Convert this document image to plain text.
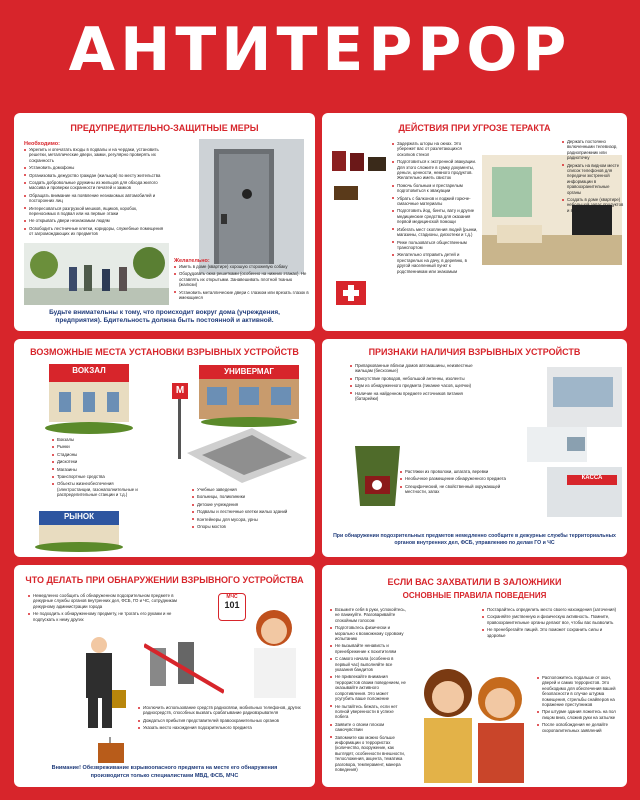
АНТИТЕРРОР
ПРЕДУПРЕДИТЕЛЬНО-ЗАЩИТНЫЕ МЕРЫ
Необходимо:
Укрепить и опечатать входы в подвалы и на чердаки, установить решетки, металлические двери, замки, регулярно проверять их сохранность
Установить домофоны
Организовать дежурство граждан (жильцов) по месту жительства
Создать добровольные дружины из жильцов для обхода жилого массива и проверки сохранности печатей и замков
Обращать внимание на появление незнакомых автомобилей и посторонних лиц
Интересоваться разгрузкой мешков, ящиков, коробок, переносимых в подвал или на первые этажи
Не открывать двери незнакомым людям
Освободить лестничные клетки, коридоры, служебные помещения от загромождающих их предметов
Желательно:
Иметь в доме (квартире) хорошую сторожевую собаку
Оборудовать окна решетками (особенно на нижних этажах). Не оставлять их открытыми. Занавешивать плотной тканью (жалюзи)
Установить металлические двери с глазком или врезать глазок в имеющиеся
Будьте внимательны к тому, что происходит вокруг дома (учреждения, предприятия). Бдительность должна быть постоянной и активной.
ДЕЙСТВИЯ ПРИ УГРОЗЕ ТЕРАКТА
Задержать шторы на окнах. Это убережет вас от разлетающихся осколков стекол
Подготовиться к экстренной эвакуации. Для этого сложите в сумку документы, деньги, ценности, немного продуктов. Желательно иметь свисток
Помочь больным и престарелым подготовиться к эвакуации
Убрать с балконов и лоджий горюче-смазочные материалы
Подготовить йод, бинты, вату и другие медицинские средства для оказания первой медицинской помощи
Избегать мест скопления людей (рынки, магазины, стадионы, дискотеки и т.д.)
Реже пользоваться общественным транспортом
Желательно отправить детей и престарелых на дачу, в деревню, в другой населенный пункт к родственникам или знакомым
Держать постоянно включенными телевизор, радиоприемник или радиоточку
Держать на видном месте список телефонов для передачи экстренной информации в правоохранительные органы
Создать в доме (квартире) небольшой запас продуктов и воды
ВОЗМОЖНЫЕ МЕСТА УСТАНОВКИ ВЗРЫВНЫХ УСТРОЙСТВ
ВОКЗАЛ	УНИВЕРМАГ
М
Вокзалы
Рынки
Стадионы
Дискотеки
Магазины
Транспортные средства
Объекты жизнеобеспечения (электростанции, газонаполнительные и распределительные станции и т.д.)
РЫНОК
Учебные заведения
Больницы, поликлиники
Детские учреждения
Подвалы и лестничные клетки жилых зданий
Контейнеры для мусора, урны
Опоры мостов
ПРИЗНАКИ НАЛИЧИЯ ВЗРЫВНЫХ УСТРОЙСТВ
Припаркованные вблизи домов автомашины, неизвестные жильцам (бесхозные)
Присутствие проводов, небольшой антенны, изоленты
Шум из обнаруженного предмета (тикание часов, щелчки)
Наличие на найденном предмете источников питания (батарейки)
КАССА
Растяжки из проволоки, шпагата, веревки
Необычное размещение обнаруженного предмета
Специфический, не свойственный окружающей местности, запах
При обнаружении подозрительных предметов немедленно сообщите в дежурные службы территориальных органов внутренних дел, ФСБ, управлению по делам ГО и ЧС
ЧТО ДЕЛАТЬ ПРИ ОБНАРУЖЕНИИ ВЗРЫВНОГО УСТРОЙСТВА
Немедленно сообщить об обнаруженном подозрительном предмете в дежурные службы органов внутренних дел, ФСБ, ГО и ЧС, сотрудникам дежурному администрации города
Не подходить к обнаруженному предмету, не трогать его руками и не подпускать к нему других
МЧС
101
Исключить использование средств радиосвязи, мобильных телефонов, других радиосредств, способных вызвать срабатывание радиовзрывателя
Дождаться прибытия представителей правоохранительных органов
Указать место нахождения подозрительного предмета
Внимание! Обезвреживание взрывоопасного предмета на месте его обнаружения производится только специалистами МВД, ФСБ, МЧС
ЕСЛИ ВАС ЗАХВАТИЛИ В ЗАЛОЖНИКИ
ОСНОВНЫЕ ПРАВИЛА ПОВЕДЕНИЯ
Возьмите себя в руки, успокойтесь, не паникуйте. Разговаривайте спокойным голосом
Подготовьтесь физически и морально к возможному суровому испытанию
Не вызывайте ненависть и пренебрежение к похитителям
С самого начала (особенно в первый час) выполняйте все указания бандитов
Не привлекайте внимания террористов своим поведением, не оказывайте активного сопротивления. Это может усугубить ваше положение
Не пытайтесь бежать, если нет полной уверенности в успехе побега
Заявите о своем плохом самочувствии
Запомните как можно больше информации о террористах (количество, вооружение, как выглядят, особенности внешности, телосложения, акцента, тематика разговора, темперамент, манера поведения)
Постарайтесь определить место своего нахождения (заточения)
Сохраняйте умственную и физическую активность. Помните, правоохранительные органы делают все, чтобы вас вызволить
Не пренебрегайте пищей. Это поможет сохранить силы и здоровье
Расположитесь подальше от окон, дверей и самих террористов. Это необходимо для обеспечения вашей безопасности в случае штурма помещения, стрельбы снайперов на поражение преступников
При штурме здания ложитесь на пол лицом вниз, сложив руки на затылке
После освобождения не делайте скоропалительных заявлений
